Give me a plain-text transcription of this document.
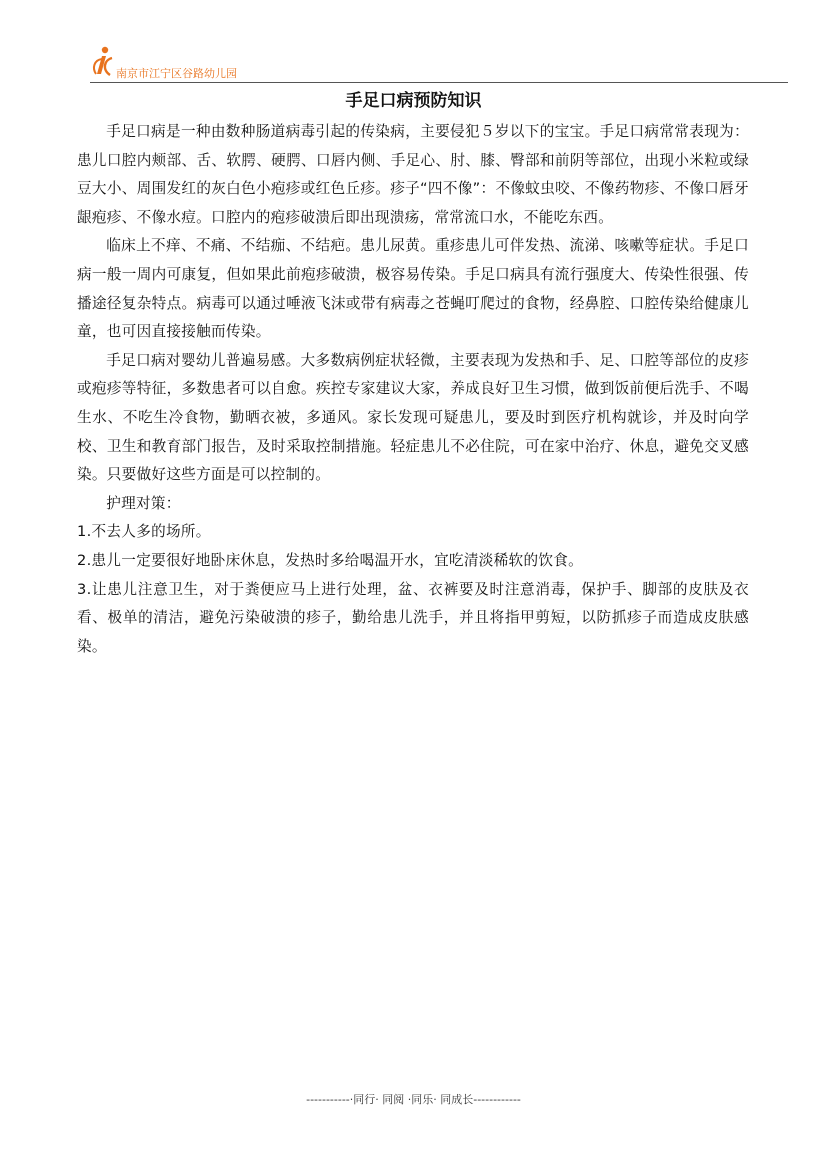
南京市江宁区谷路幼儿园
手足口病预防知识

手足口病是一种由数种肠道病毒引起的传染病，主要侵犯５岁以下的宝宝。手足口病常常表现为：患儿口腔内颊部、舌、软腭、硬腭、口唇内侧、手足心、肘、膝、臀部和前阴等部位，出现小米粒或绿豆大小、周围发红的灰白色小疱疹或红色丘疹。疹子“四不像”：不像蚊虫咬、不像药物疹、不像口唇牙龈疱疹、不像水痘。口腔内的疱疹破溃后即出现溃疡，常常流口水，不能吃东西。

临床上不痒、不痛、不结痂、不结疤。患儿尿黄。重疹患儿可伴发热、流涕、咳嗽等症状。手足口病一般一周内可康复，但如果此前疱疹破溃，极容易传染。手足口病具有流行强度大、传染性很强、传播途径复杂特点。病毒可以通过唾液飞沫或带有病毒之苍蝇叮爬过的食物，经鼻腔、口腔传染给健康儿童，也可因直接接触而传染。

手足口病对婴幼儿普遍易感。大多数病例症状轻微，主要表现为发热和手、足、口腔等部位的皮疹或疱疹等特征，多数患者可以自愈。疾控专家建议大家，养成良好卫生习惯，做到饭前便后洗手、不喝生水、不吃生冷食物，勤晒衣被，多通风。家长发现可疑患儿，要及时到医疗机构就诊，并及时向学校、卫生和教育部门报告，及时采取控制措施。轻症患儿不必住院，可在家中治疗、休息，避免交叉感染。只要做好这些方面是可以控制的。

护理对策：

1.不去人多的场所。

2.患儿一定要很好地卧床休息，发热时多给喝温开水，宜吃清淡稀软的饮食。

3.让患儿注意卫生，对于粪便应马上进行处理，盆、衣裤要及时注意消毒，保护手、脚部的皮肤及衣看、极单的清洁，避免污染破溃的疹子，勤给患儿洗手，并且将指甲剪短，以防抓疹子而造成皮肤感染。

-----------·同行· 同阅 ·同乐· 同成长------------
